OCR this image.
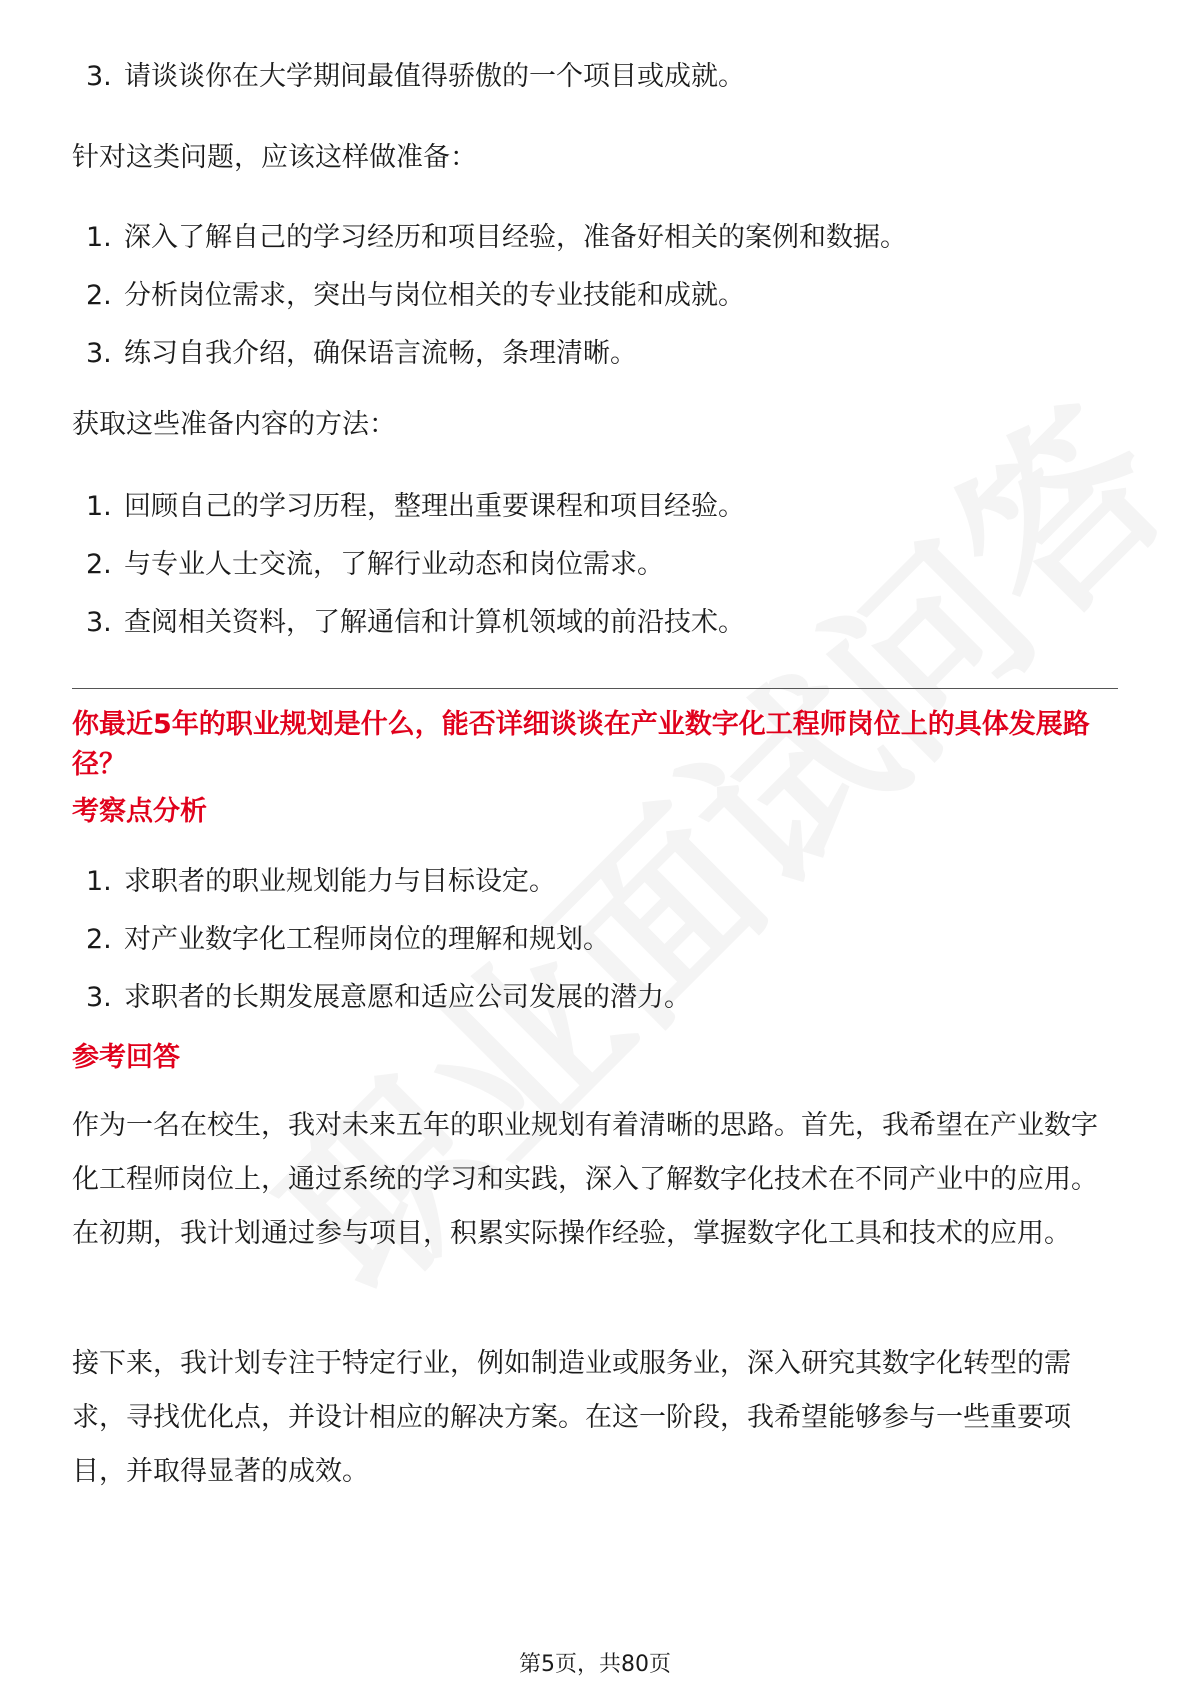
3. 请谈谈你在大学期间最值得骄傲的一个项目或成就。
针对这类问题，应该这样做准备：
1. 深入了解自己的学习经历和项目经验，准备好相关的案例和数据。
2. 分析岗位需求，突出与岗位相关的专业技能和成就。
3. 练习自我介绍，确保语言流畅，条理清晰。
获取这些准备内容的方法：
1. 回顾自己的学习历程，整理出重要课程和项目经验。
2. 与专业人士交流，了解行业动态和岗位需求。
3. 查阅相关资料，了解通信和计算机领域的前沿技术。
你最近5年的职业规划是什么，能否详细谈谈在产业数字化工程师岗位上的具体发展路径？
考察点分析
1. 求职者的职业规划能力与目标设定。
2. 对产业数字化工程师岗位的理解和规划。
3. 求职者的长期发展意愿和适应公司发展的潜力。
参考回答
作为一名在校生，我对未来五年的职业规划有着清晰的思路。首先，我希望在产业数字化工程师岗位上，通过系统的学习和实践，深入了解数字化技术在不同产业中的应用。在初期，我计划通过参与项目，积累实际操作经验，掌握数字化工具和技术的应用。
接下来，我计划专注于特定行业，例如制造业或服务业，深入研究其数字化转型的需求，寻找优化点，并设计相应的解决方案。在这一阶段，我希望能够参与一些重要项目，并取得显著的成效。
第5页，共80页
